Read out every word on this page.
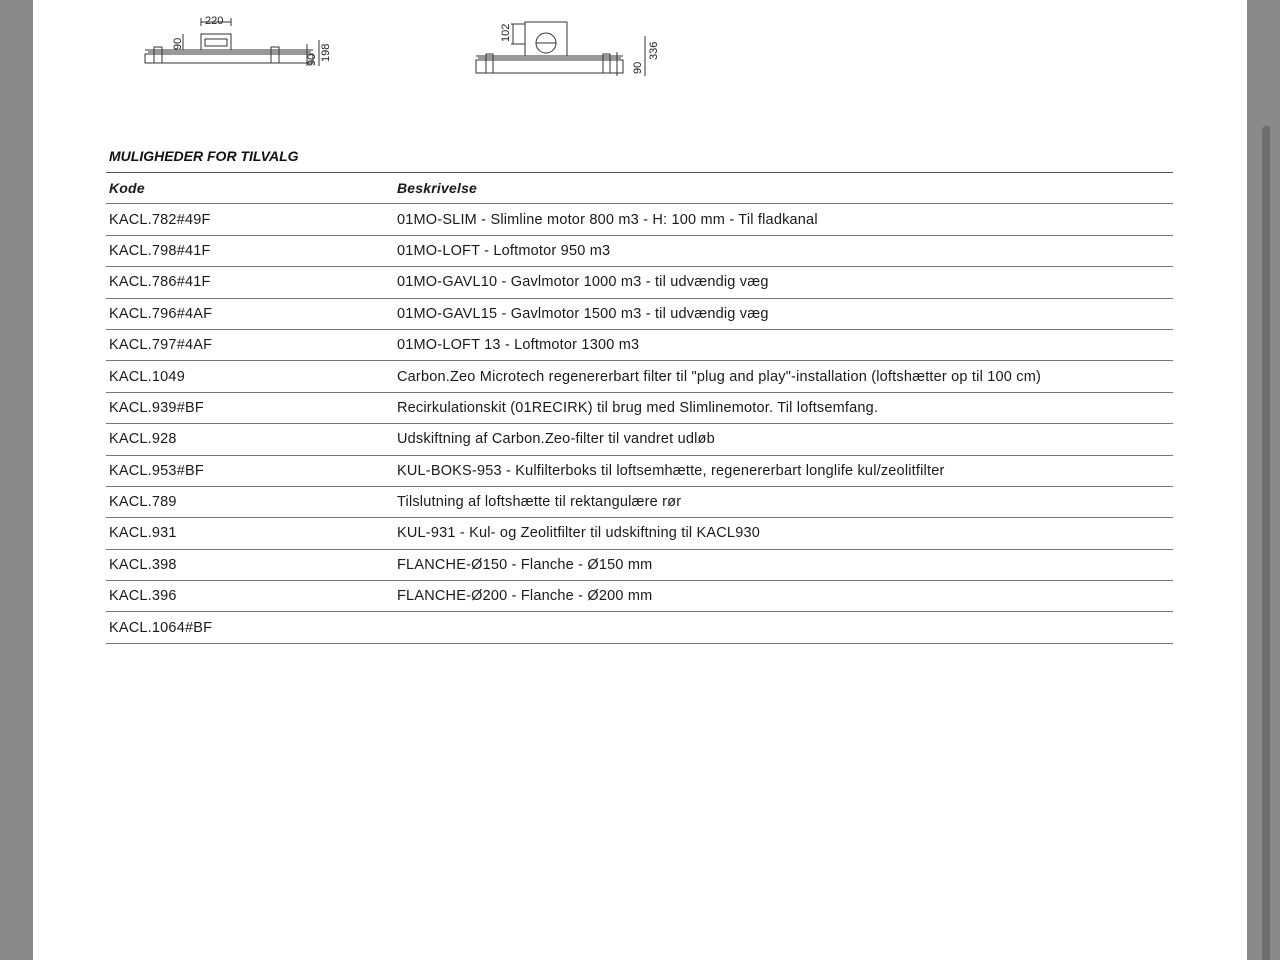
220
90
90 198
102
90
336
MULIGHEDER FOR TILVALG
Kode	Beskrivelse
KACL.782#49F	01MO-SLIM - Slimline motor 800 m3 - H: 100 mm - Til fladkanal
KACL.798#41F	01MO-LOFT - Loftmotor 950 m3
KACL.786#41F	01MO-GAVL10 - Gavlmotor 1000 m3 - til udvændig væg
KACL.796#4AF	01MO-GAVL15 - Gavlmotor 1500 m3 - til udvændig væg
KACL.797#4AF	01MO-LOFT 13 - Loftmotor 1300 m3
KACL.1049	Carbon.Zeo Microtech regenererbart filter til "plug and play"-installation (loftshætter op til 100 cm)
KACL.939#BF	Recirkulationskit (01RECIRK) til brug med Slimlinemotor. Til loftsemfang.
KACL.928	Udskiftning af Carbon.Zeo-filter til vandret udløb
KACL.953#BF	KUL-BOKS-953 - Kulfilterboks til loftsemhætte, regenererbart longlife kul/zeolitfilter
KACL.789	Tilslutning af loftshætte til rektangulære rør
KACL.931	KUL-931 - Kul- og Zeolitfilter til udskiftning til KACL930
KACL.398	FLANCHE-Ø150 - Flanche - Ø150 mm
KACL.396	FLANCHE-Ø200 - Flanche - Ø200 mm
KACL.1064#BF	
